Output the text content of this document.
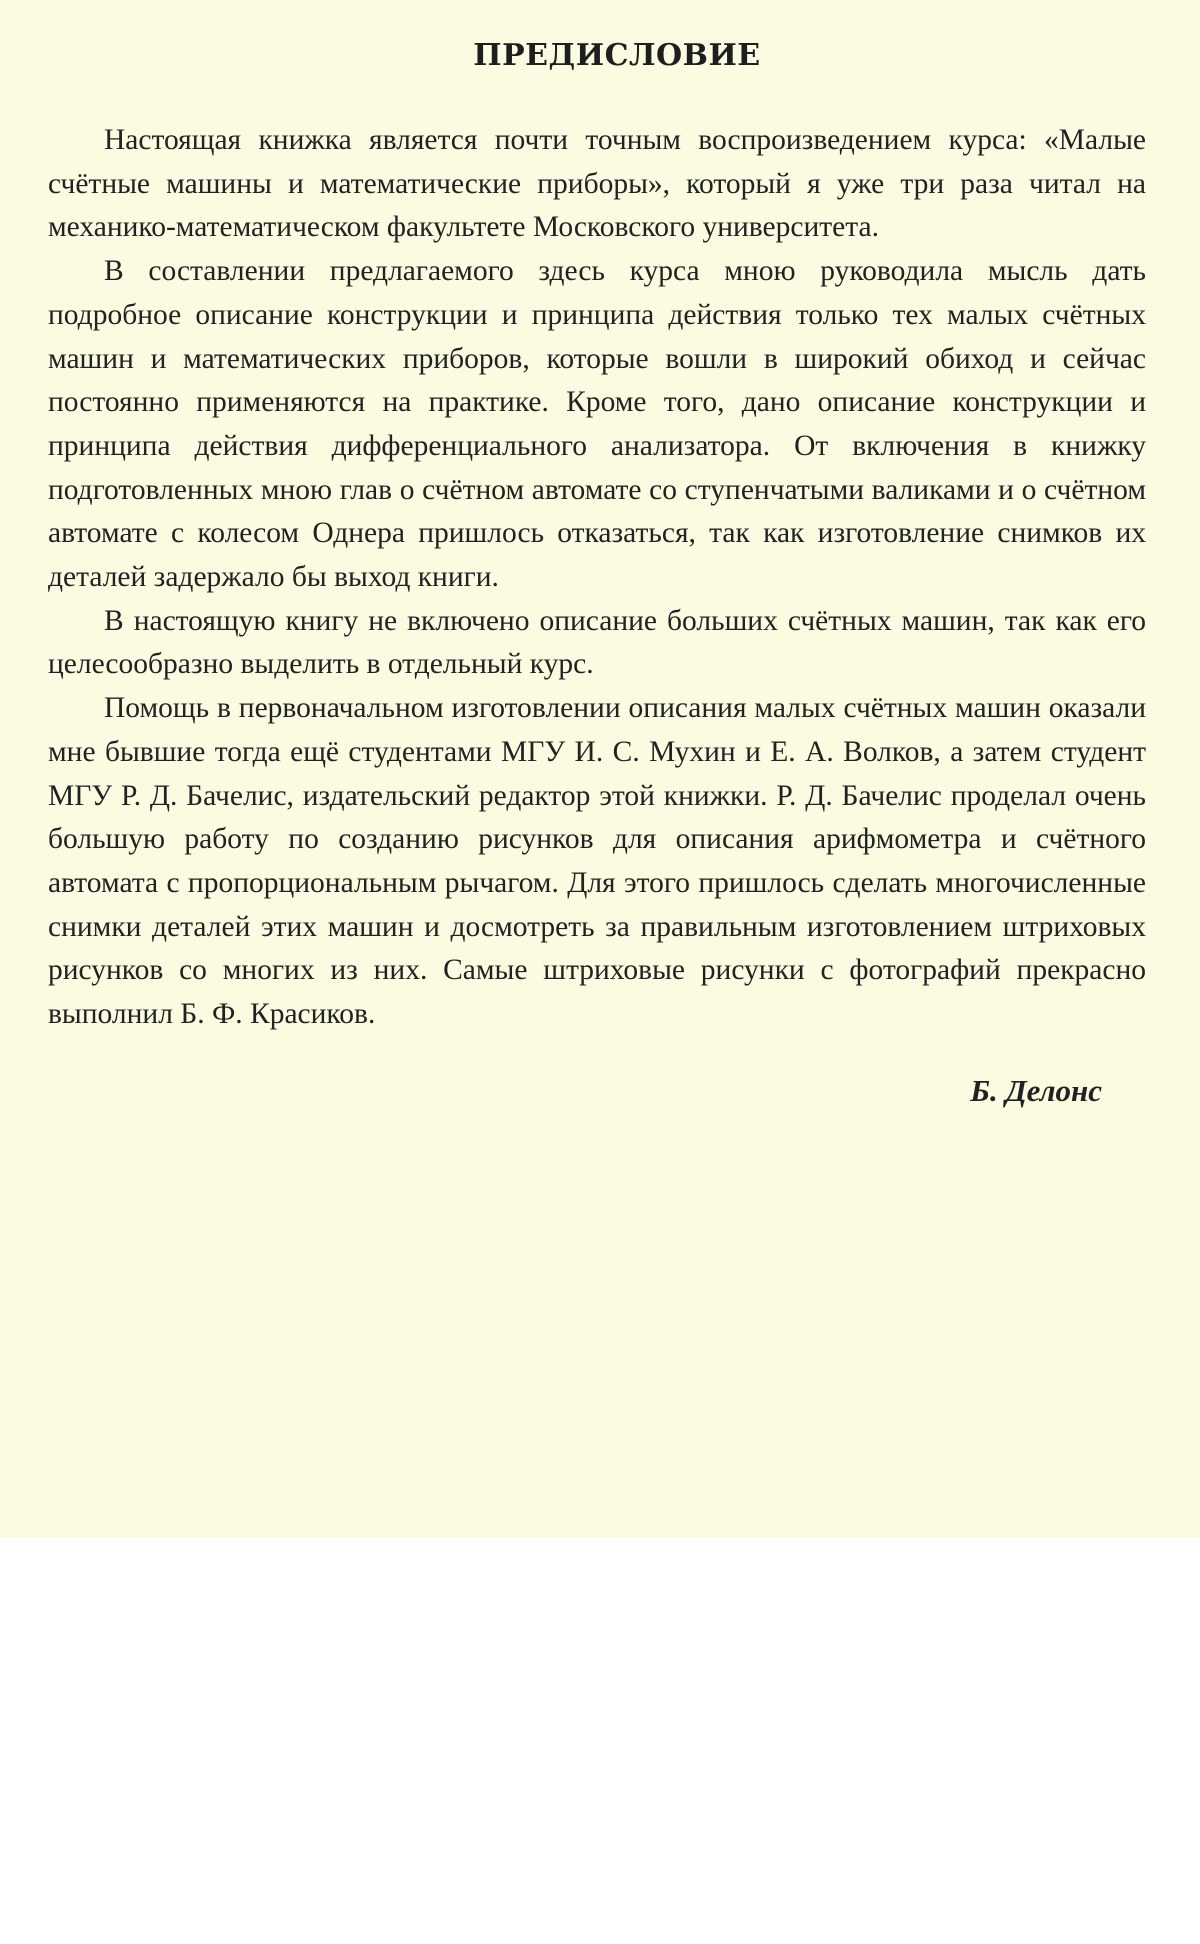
ПРЕДИСЛОВИЕ

Настоящая книжка является почти точным воспроизведением курса: «Малые счётные машины и математические приборы», который я уже три раза читал на механико-математическом факультете Московского университета.

В составлении предлагаемого здесь курса мною руководила мысль дать подробное описание конструкции и принципа действия только тех малых счётных машин и математических приборов, которые вошли в широкий обиход и сейчас постоянно применяются на практике. Кроме того, дано описание конструкции и принципа действия дифференциального анализатора. От включения в книжку подготовленных мною глав о счётном автомате со ступенчатыми валиками и о счётном автомате с колесом Однера пришлось отказаться, так как изготовление снимков их деталей задержало бы выход книги.

В настоящую книгу не включено описание больших счётных машин, так как его целесообразно выделить в отдельный курс.

Помощь в первоначальном изготовлении описания малых счётных машин оказали мне бывшие тогда ещё студентами МГУ И. С. Мухин и Е. А. Волков, а затем студент МГУ Р. Д. Бачелис, издательский редактор этой книжки. Р. Д. Бачелис проделал очень большую работу по созданию рисунков для описания арифмометра и счётного автомата с пропорциональным рычагом. Для этого пришлось сделать многочисленные снимки деталей этих машин и досмотреть за правильным изготовлением штриховых рисунков со многих из них. Самые штриховые рисунки с фотографий прекрасно выполнил Б. Ф. Красиков.

Б. Делонс
